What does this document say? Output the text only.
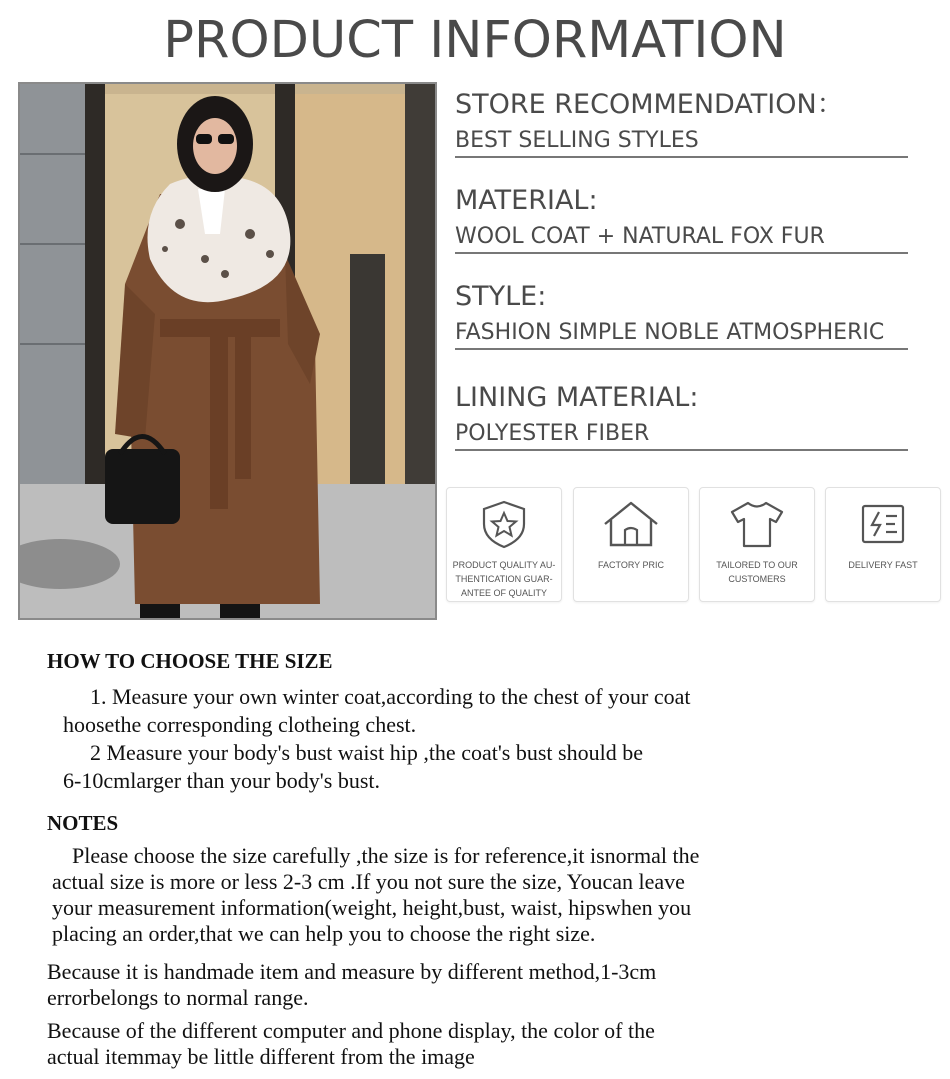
PRODUCT INFORMATION
STORE RECOMMENDATION：
BEST SELLING STYLES
MATERIAL:
WOOL COAT + NATURAL FOX FUR
STYLE:
FASHION SIMPLE NOBLE ATMOSPHERIC
LINING MATERIAL:
POLYESTER FIBER
PRODUCT QUALITY AU-
THENTICATION GUAR-
ANTEE OF QUALITY
FACTORY PRIC	TAILORED TO OUR
CUSTOMERS
DELIVERY FAST
HOW TO CHOOSE THE SIZE
1. Measure your own winter coat,according to the chest of your coat
hoosethe corresponding clotheing chest.
2 Measure your body's bust waist hip ,the coat's bust should be
6-10cmlarger than your body's bust.
NOTES
Please choose the size carefully ,the size is for reference,it isnormal the
actual size is more or less 2-3 cm .If you not sure the size, Youcan leave
your measurement information(weight, height,bust, waist, hipswhen you
placing an order,that we can help you to choose the right size.
Because it is handmade item and measure by different method,1-3cm
errorbelongs to normal range.
Because of the different computer and phone display, the color of the
actual itemmay be little different from the image
